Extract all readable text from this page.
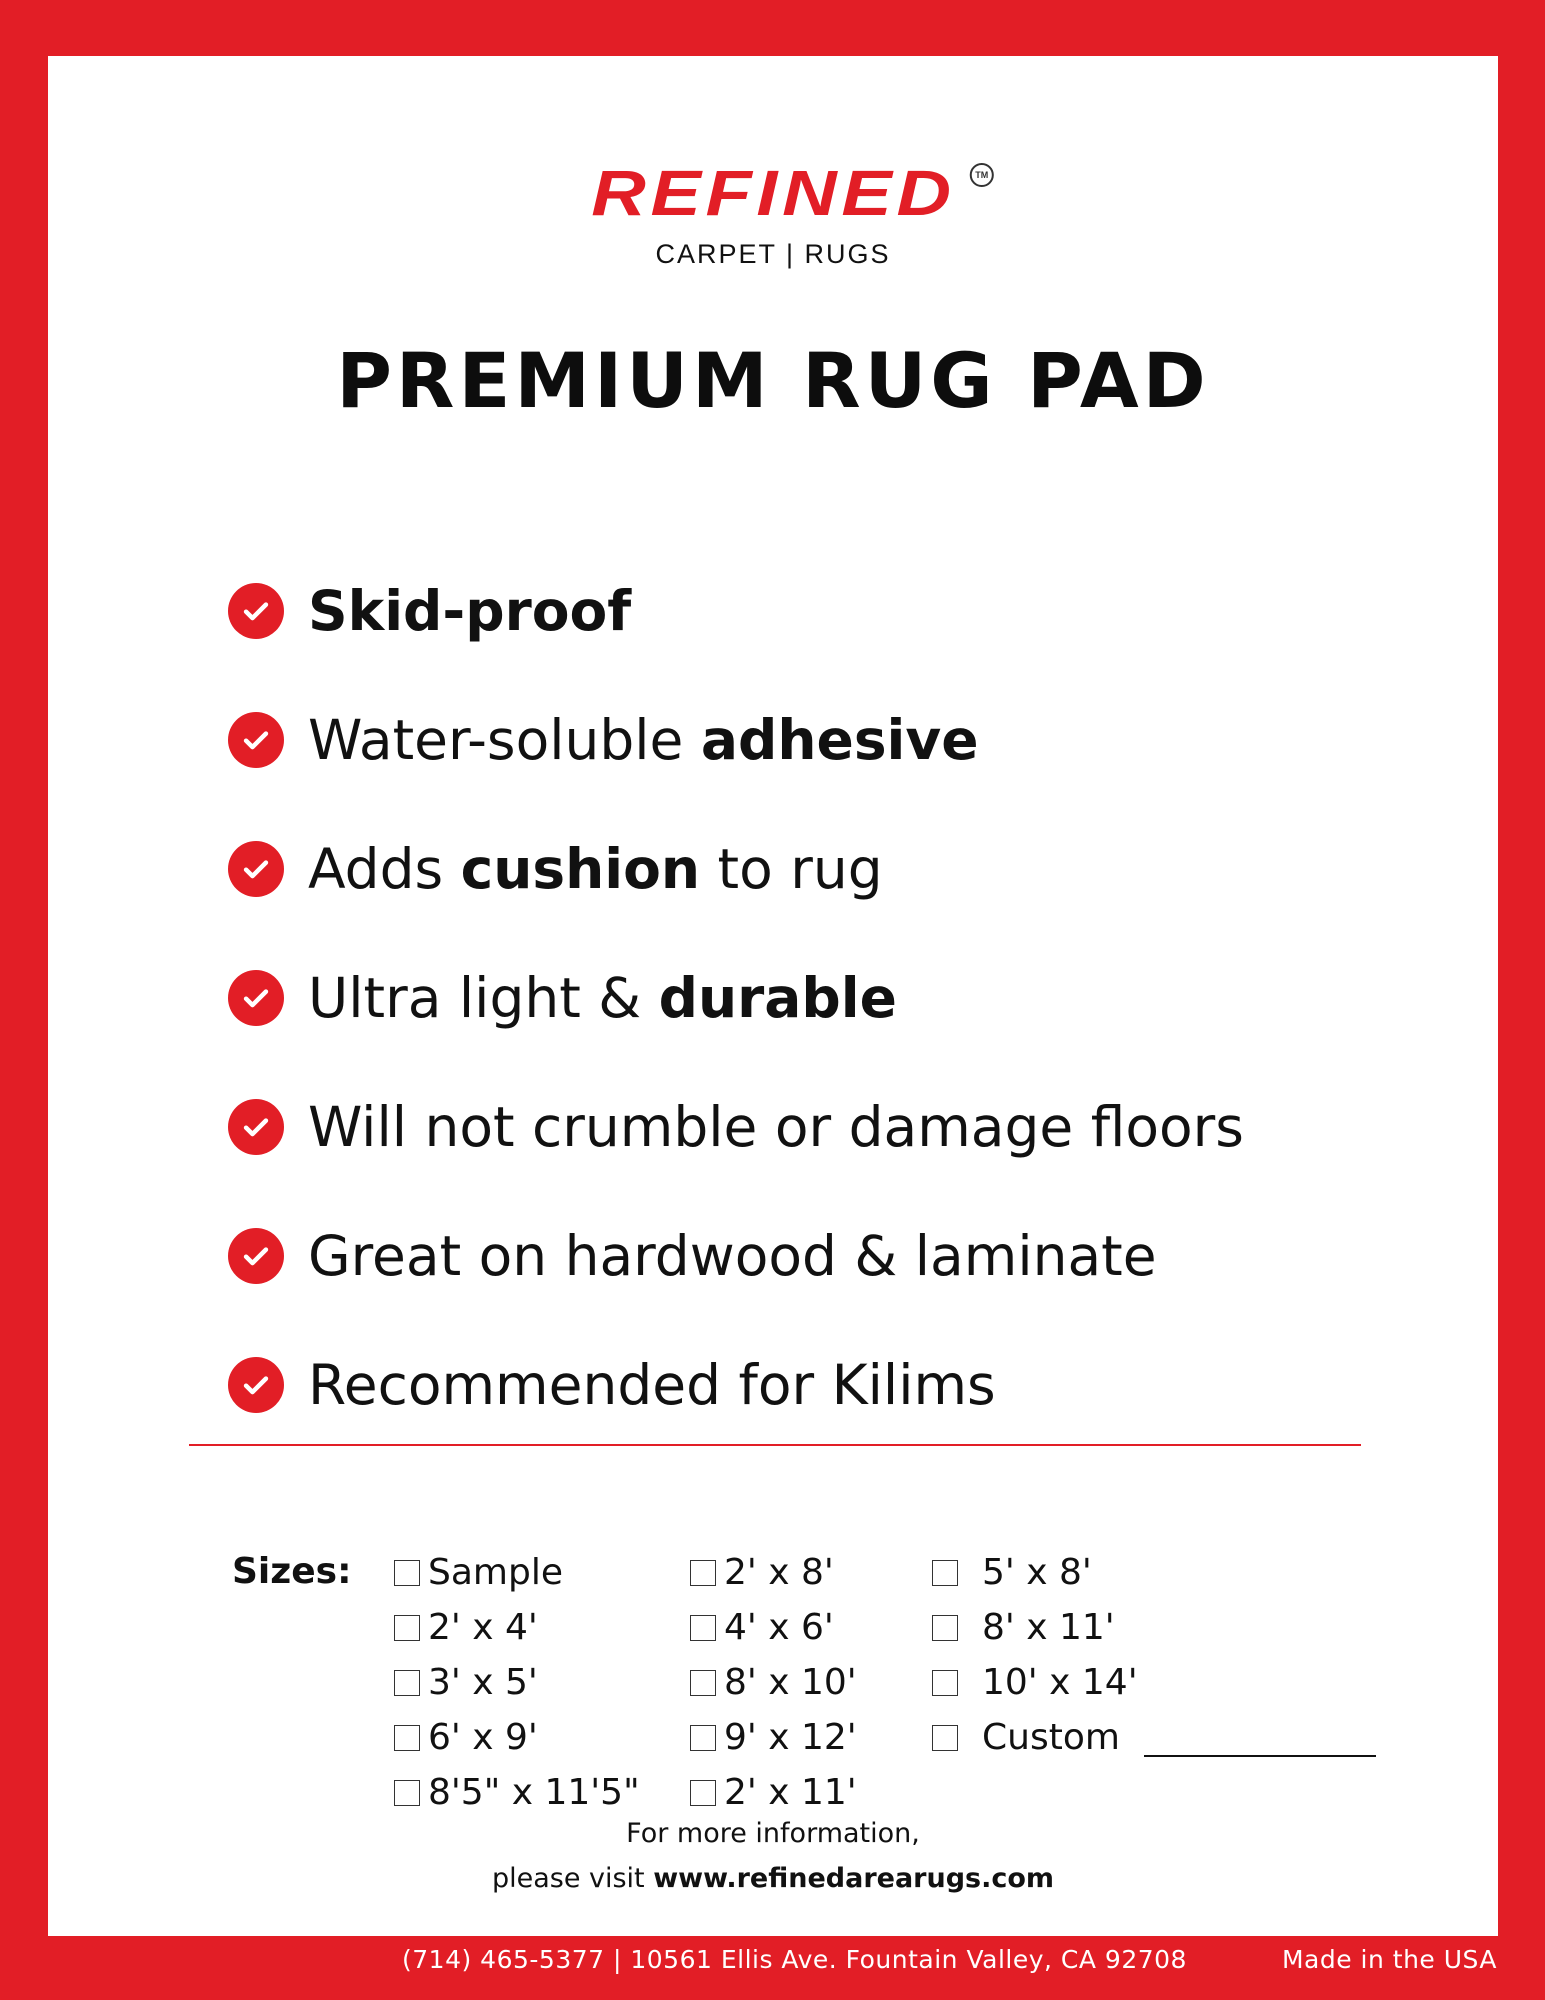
REFINED	TM
CARPET | RUGS
PREMIUM RUG PAD
Skid-proof
Water-soluble adhesive
Adds cushion to rug
Ultra light & durable
Will not crumble or damage floors
Great on hardwood & laminate
Recommended for Kilims
Sizes: Sample
2' x 4'
3' x 5'
6' x 9'
8'5" x 11'5"
2' x 8'
4' x 6'
8' x 10'
9' x 12'
2' x 11'
5' x 8'
8' x 11'
10' x 14'
Custom
For more information,
please visit www.refinedarearugs.com
(714) 465-5377 | 10561 Ellis Ave. Fountain Valley, CA 92708	Made in the USA
